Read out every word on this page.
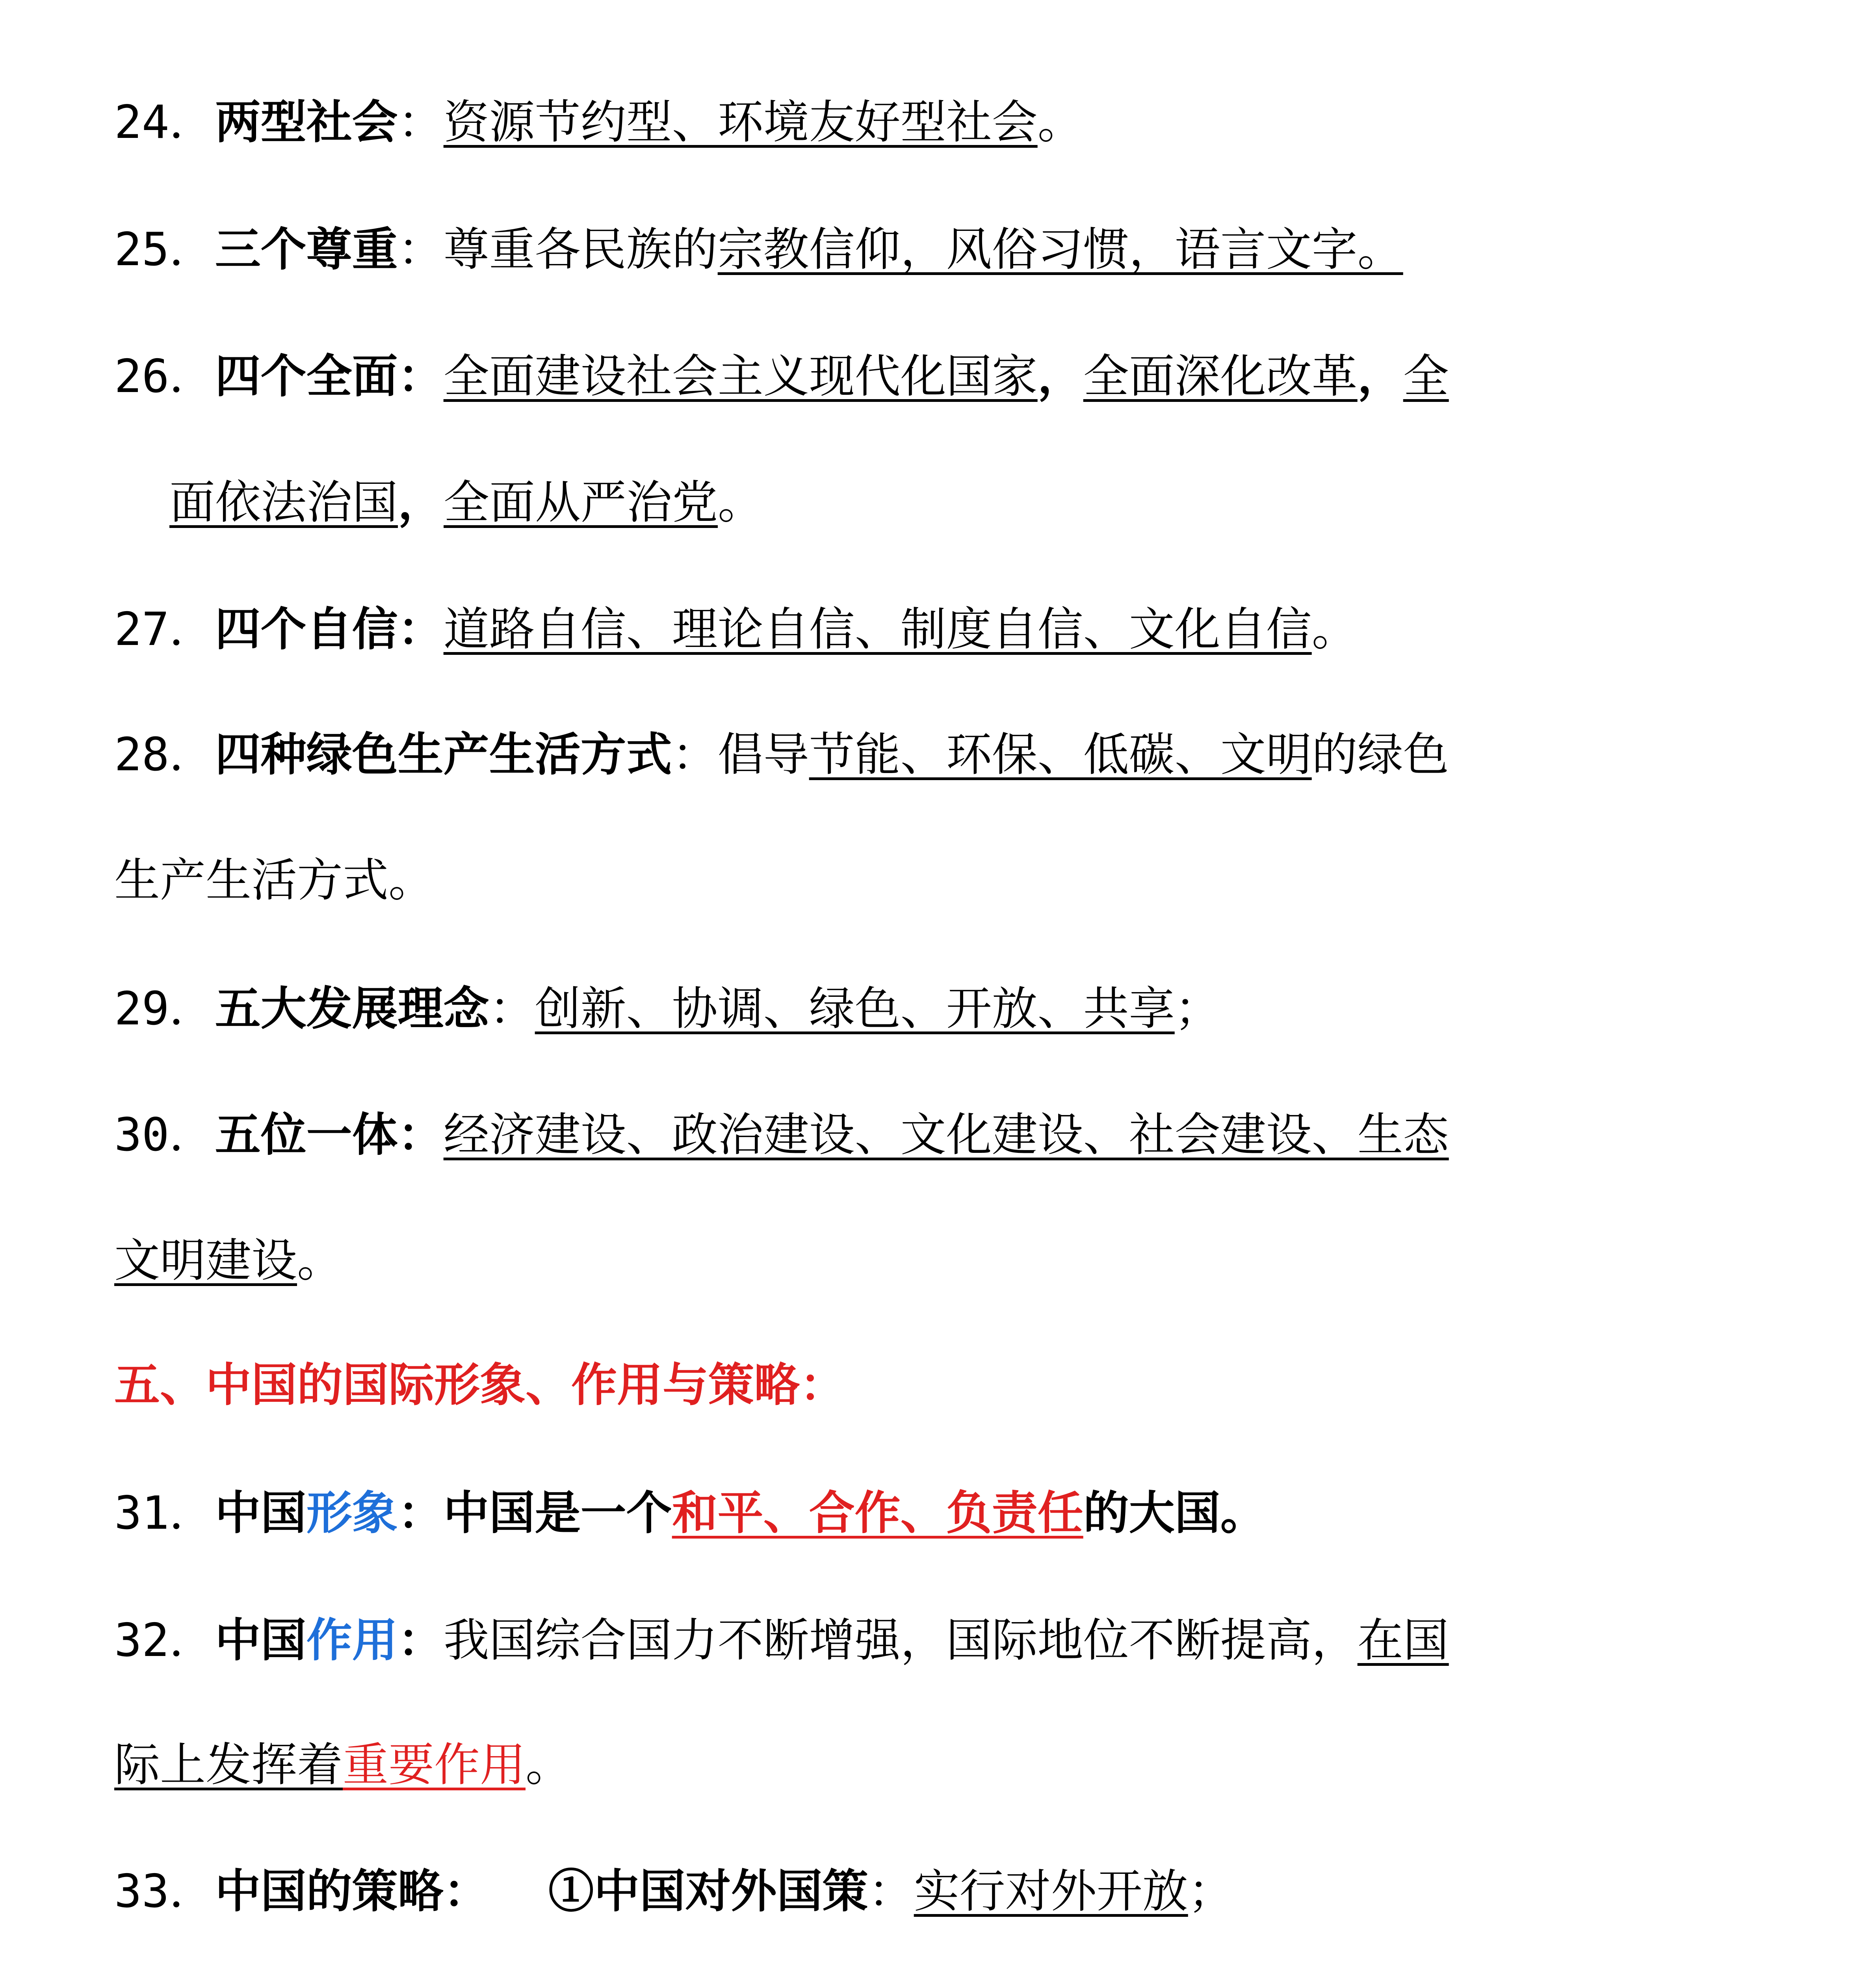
24．两型社会：资源节约型、环境友好型社会。
25．三个尊重：尊重各民族的宗教信仰，风俗习惯，语言文字。
26．四个全面：全面建设社会主义现代化国家，全面深化改革，全
面依法治国，全面从严治党。
27．四个自信：道路自信、理论自信、制度自信、文化自信。
28．四种绿色生产生活方式：倡导节能、环保、低碳、文明的绿色
生产生活方式。
29．五大发展理念：创新、协调、绿色、开放、共享；
30．五位一体：经济建设、政治建设、文化建设、社会建设、生态
文明建设。
五、中国的国际形象、作用与策略：
31．中国形象：中国是一个和平、合作、负责任的大国。
32．中国作用：我国综合国力不断增强，国际地位不断提高，在国
际上发挥着重要作用。
33．中国的策略： ①中国对外国策：实行对外开放；
